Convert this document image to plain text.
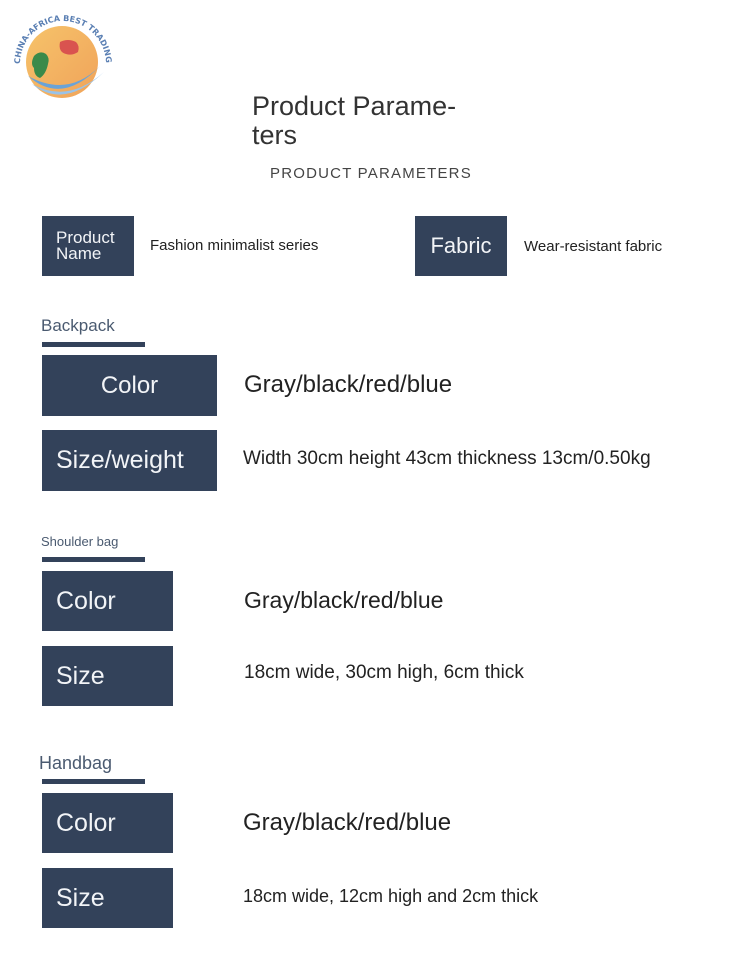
CHINA-AFRICA BEST TRADIN
Product Parame-
ters
PRODUCT PARAMETERS
Product
Name	Fashion minimalist series	Fabric Wear-resistant fabric
Backpack
Color	Gray/black/red/blue
Size/weight	Width 30cm height 43cm thickness 13cm/0.50kg
Shoulder bag
Color	Gray/black/red/blue
Size	18cm wide, 30cm high, 6cm thick
Handbag
Color	Gray/black/red/blue
Size	18cm wide, 12cm high and 2cm thick
